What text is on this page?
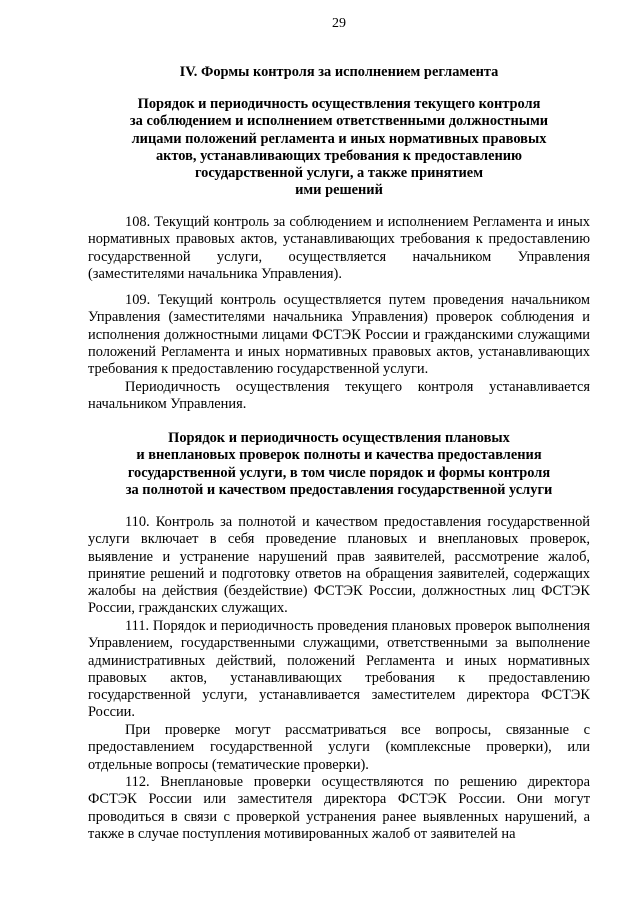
29
IV. Формы контроля за исполнением регламента
Порядок и периодичность осуществления текущего контроля
за соблюдением и исполнением ответственными должностными
лицами положений регламента и иных нормативных правовых
актов, устанавливающих требования к предоставлению
государственной услуги, а также принятием
ими решений

108. Текущий контроль за соблюдением и исполнением Регламента и иных нормативных правовых актов, устанавливающих требования к предоставлению государственной услуги, осуществляется начальником Управления (заместителями начальника Управления).

109. Текущий контроль осуществляется путем проведения начальником Управления (заместителями начальника Управления) проверок соблюдения и исполнения должностными лицами ФСТЭК России и гражданскими служащими положений Регламента и иных нормативных правовых актов, устанавливающих требования к предоставлению государственной услуги.

Периодичность осуществления текущего контроля устанавливается начальником Управления.

Порядок и периодичность осуществления плановых
и внеплановых проверок полноты и качества предоставления
государственной услуги, в том числе порядок и формы контроля
за полнотой и качеством предоставления государственной услуги

110. Контроль за полнотой и качеством предоставления государственной услуги включает в себя проведение плановых и внеплановых проверок, выявление и устранение нарушений прав заявителей, рассмотрение жалоб, принятие решений и подготовку ответов на обращения заявителей, содержащих жалобы на действия (бездействие) ФСТЭК России, должностных лиц ФСТЭК России, гражданских служащих.

111. Порядок и периодичность проведения плановых проверок выполнения Управлением, государственными служащими, ответственными за выполнение административных действий, положений Регламента и иных нормативных правовых актов, устанавливающих требования к предоставлению государственной услуги, устанавливается заместителем директора ФСТЭК России.

При проверке могут рассматриваться все вопросы, связанные с предоставлением государственной услуги (комплексные проверки), или отдельные вопросы (тематические проверки).

112. Внеплановые проверки осуществляются по решению директора ФСТЭК России или заместителя директора ФСТЭК России. Они могут проводиться в связи с проверкой устранения ранее выявленных нарушений, а также в случае поступления мотивированных жалоб от заявителей на
